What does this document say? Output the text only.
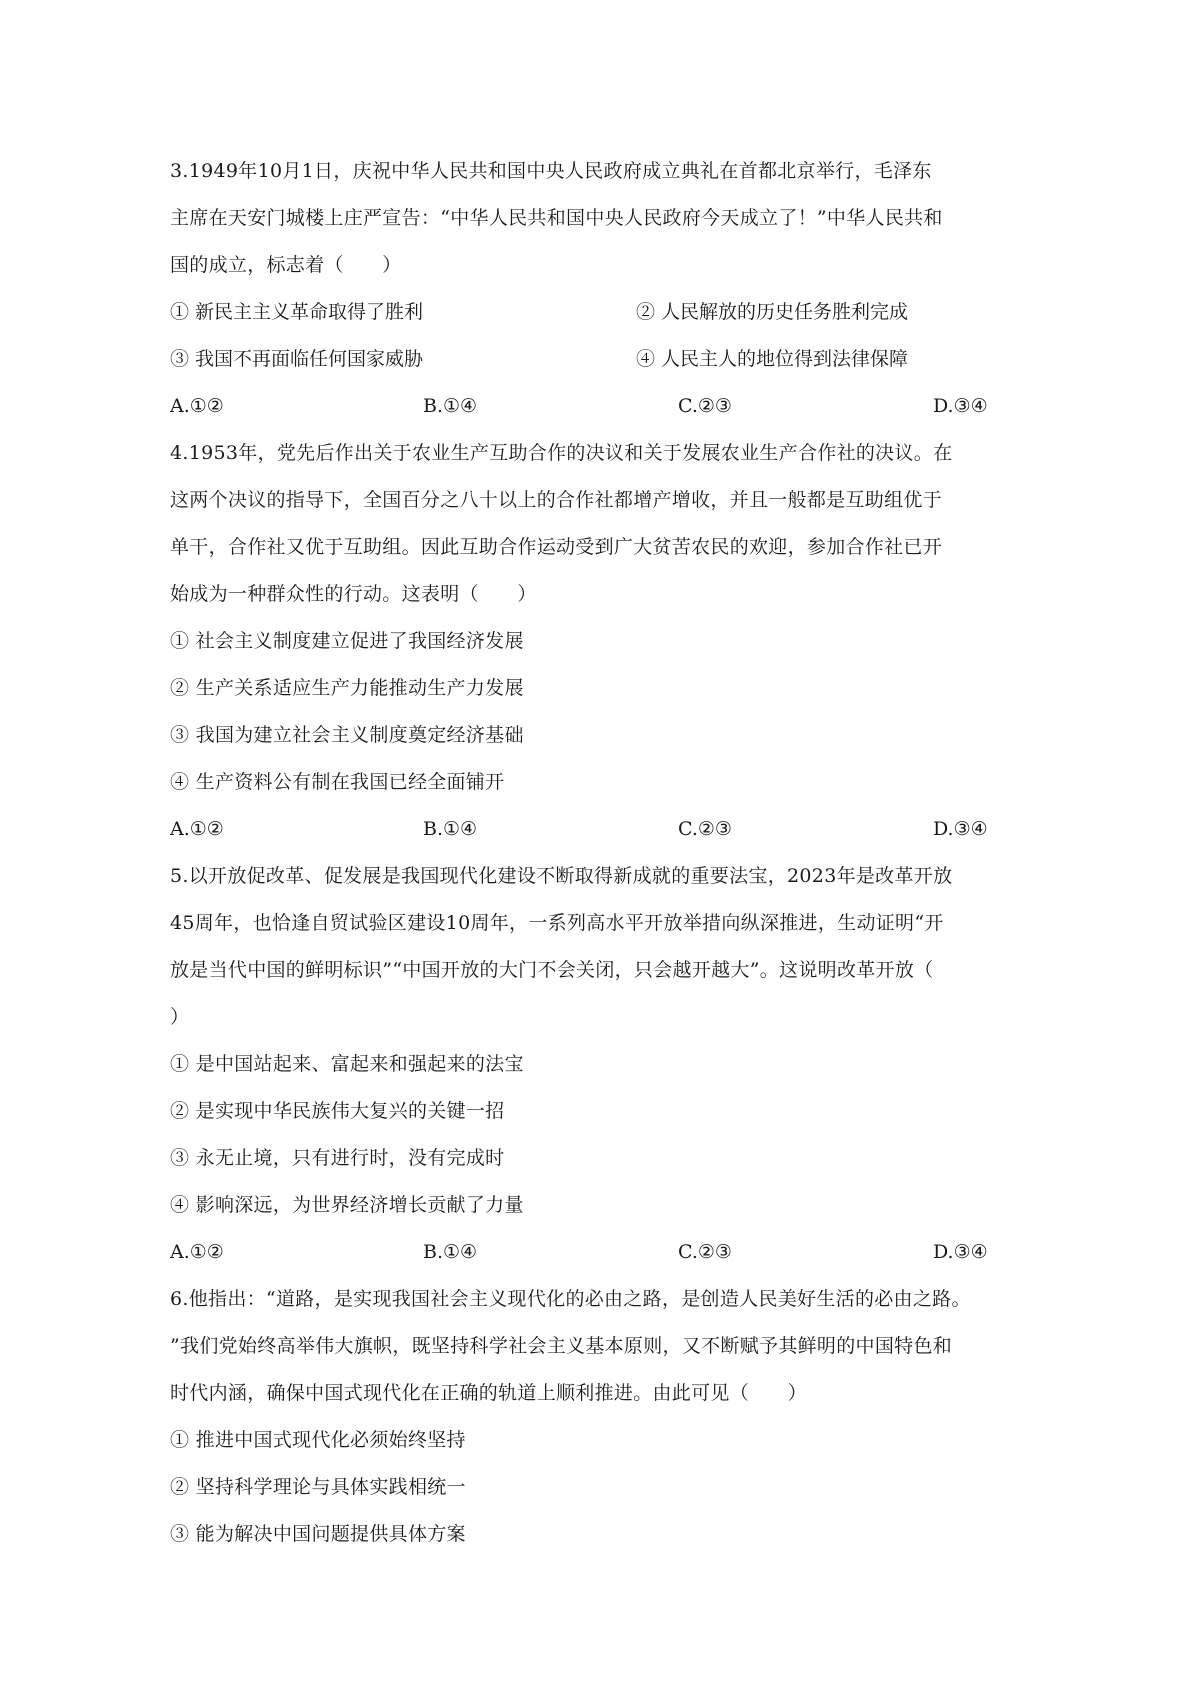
3.1949年10月1日，庆祝中华人民共和国中央人民政府成立典礼在首都北京举行，毛泽东
主席在天安门城楼上庄严宣告：“中华人民共和国中央人民政府今天成立了！”中华人民共和
国的成立，标志着（　　）
① 新民主主义革命取得了胜利	② 人民解放的历史任务胜利完成
③ 我国不再面临任何国家威胁	④ 人民主人的地位得到法律保障
A.①②	B.①④	C.②③	D.③④
4.1953年，党先后作出关于农业生产互助合作的决议和关于发展农业生产合作社的决议。在
这两个决议的指导下，全国百分之八十以上的合作社都增产增收，并且一般都是互助组优于
单干，合作社又优于互助组。因此互助合作运动受到广大贫苦农民的欢迎，参加合作社已开
始成为一种群众性的行动。这表明（　　）
① 社会主义制度建立促进了我国经济发展
② 生产关系适应生产力能推动生产力发展
③ 我国为建立社会主义制度奠定经济基础
④ 生产资料公有制在我国已经全面铺开
A.①②	B.①④	C.②③	D.③④
5.以开放促改革、促发展是我国现代化建设不断取得新成就的重要法宝，2023年是改革开放
45周年，也恰逢自贸试验区建设10周年，一系列高水平开放举措向纵深推进，生动证明“开
放是当代中国的鲜明标识”“中国开放的大门不会关闭，只会越开越大”。这说明改革开放（
）
① 是中国站起来、富起来和强起来的法宝
② 是实现中华民族伟大复兴的关键一招
③ 永无止境，只有进行时，没有完成时
④ 影响深远，为世界经济增长贡献了力量
A.①②	B.①④	C.②③	D.③④
6.他指出：“道路，是实现我国社会主义现代化的必由之路，是创造人民美好生活的必由之路。
”我们党始终高举伟大旗帜，既坚持科学社会主义基本原则，又不断赋予其鲜明的中国特色和
时代内涵，确保中国式现代化在正确的轨道上顺利推进。由此可见（　　）
① 推进中国式现代化必须始终坚持
② 坚持科学理论与具体实践相统一
③ 能为解决中国问题提供具体方案
